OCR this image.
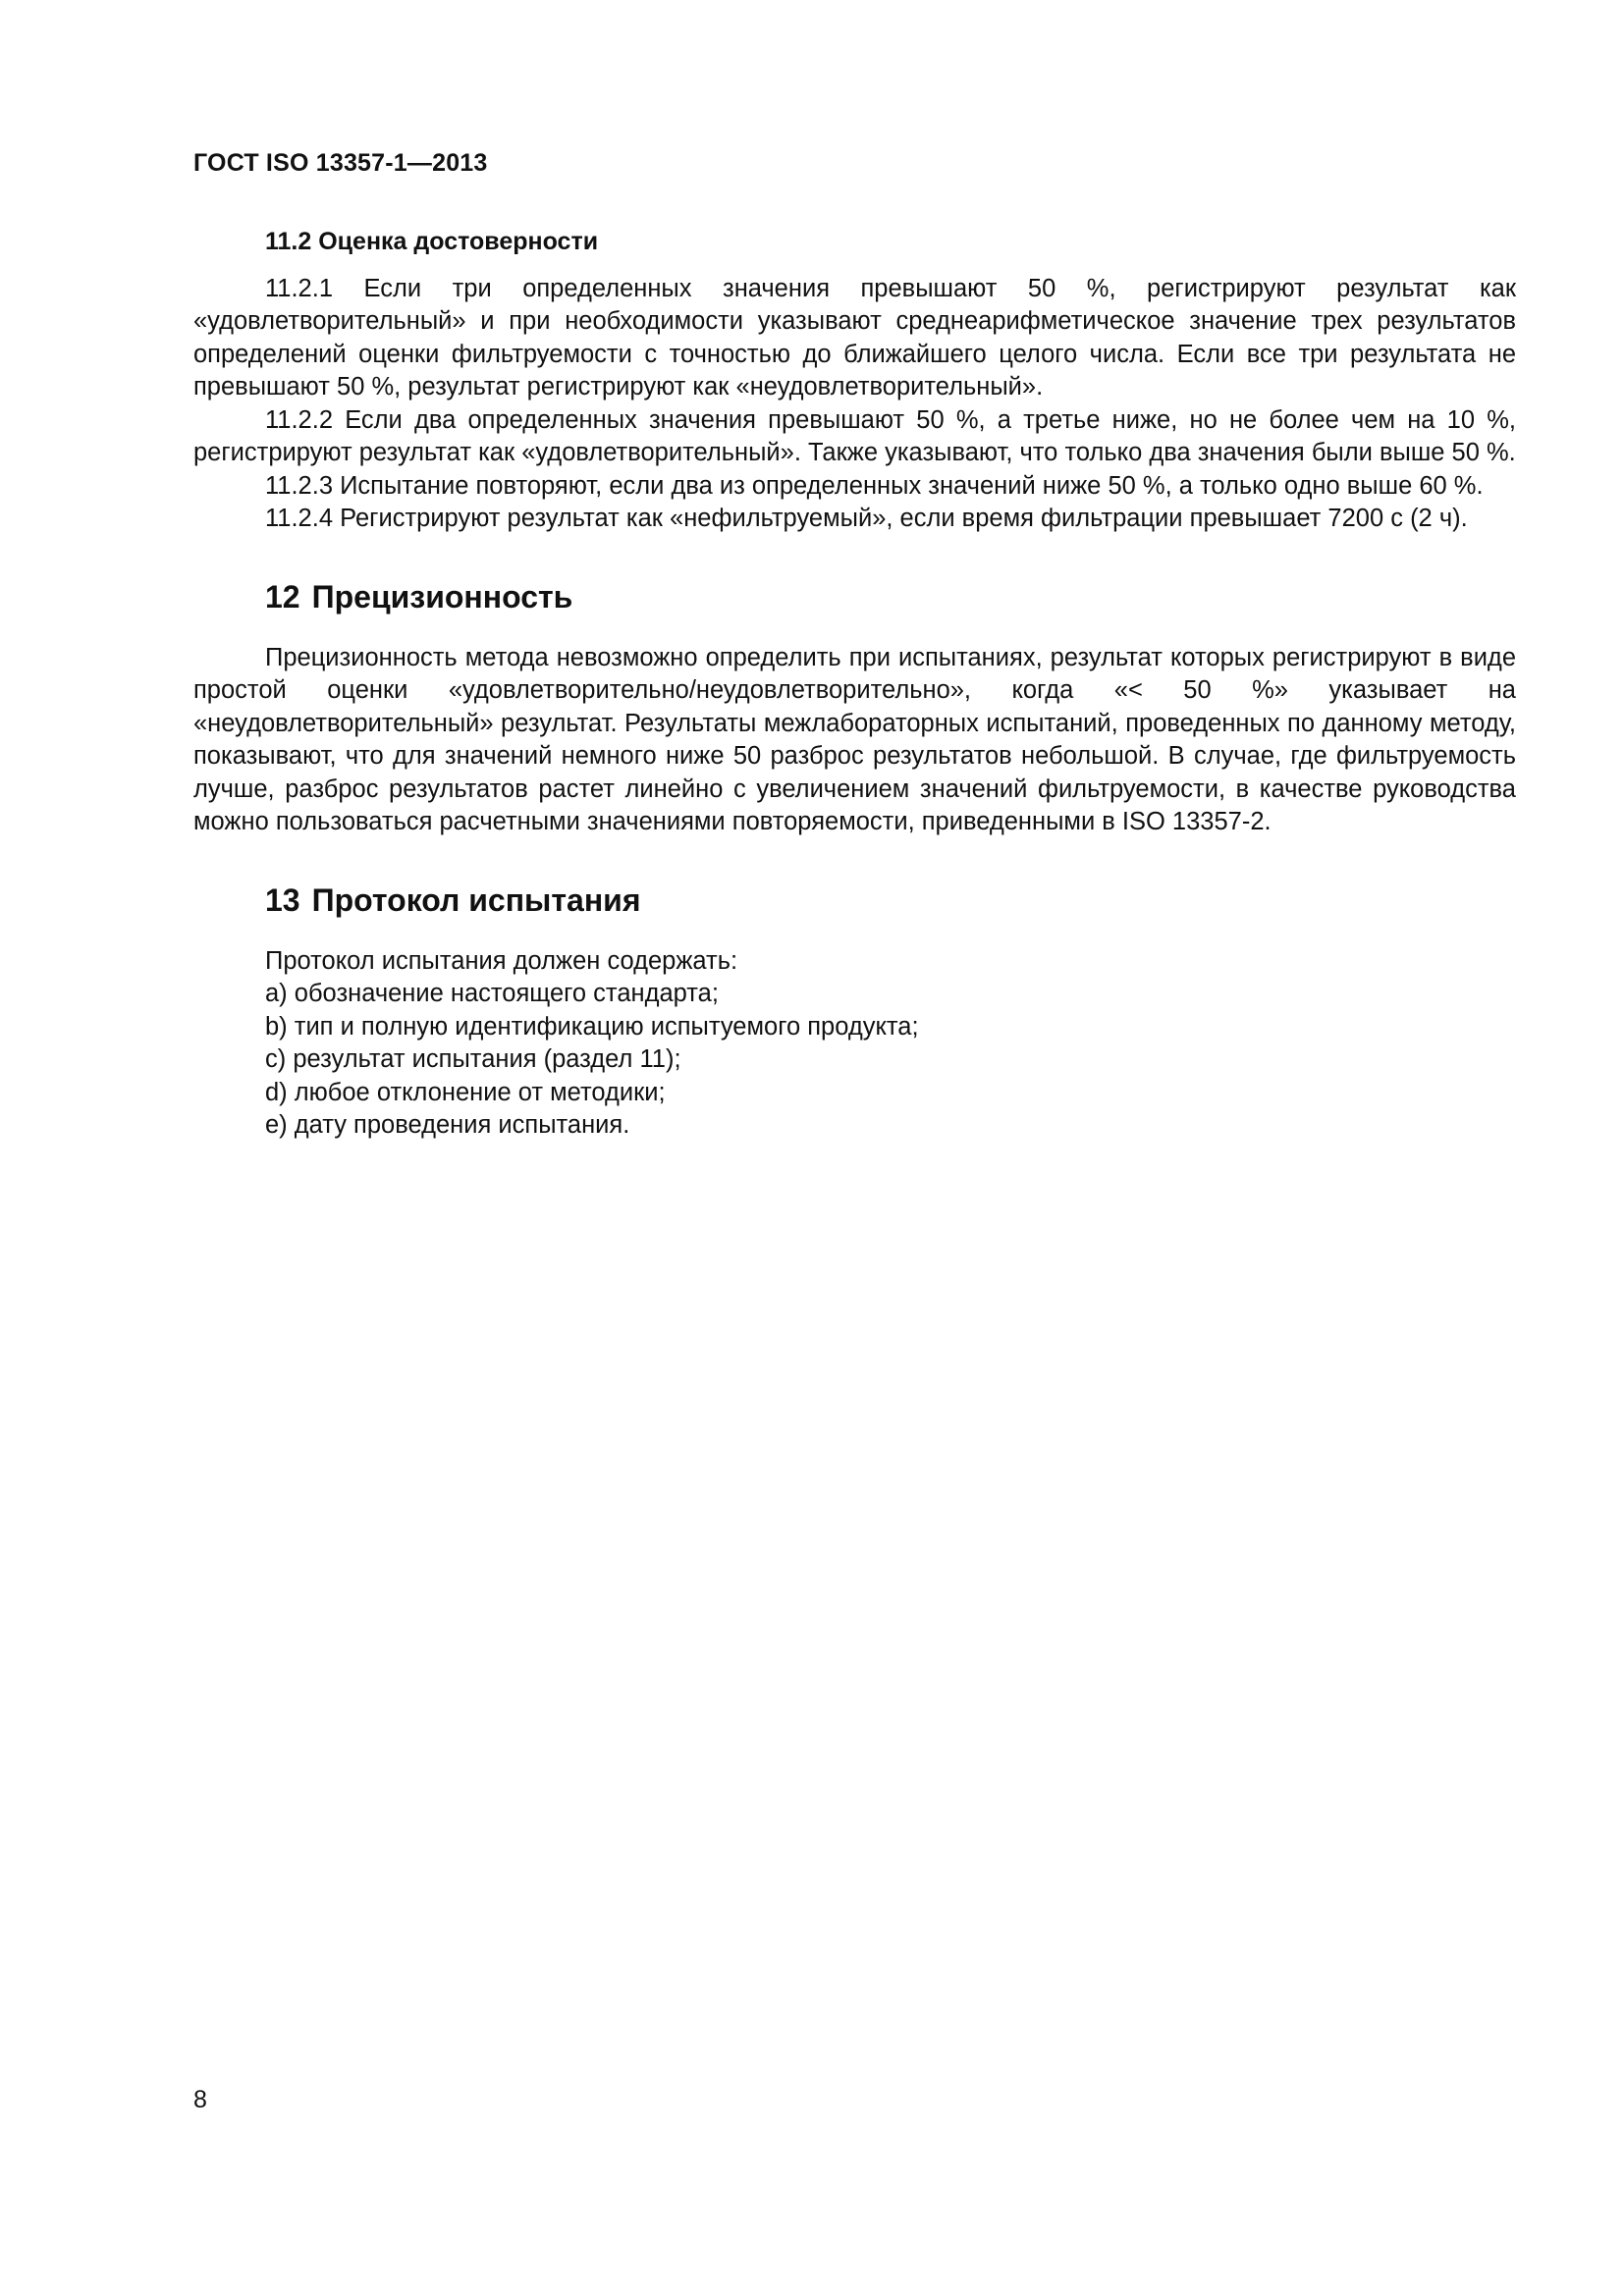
ГОСТ ISO 13357-1—2013
11.2 Оценка достоверности

11.2.1 Если три определенных значения превышают 50 %, регистрируют результат как «удовлетворительный» и при необходимости указывают среднеарифметическое значение трех результатов определений оценки фильтруемости с точностью до ближайшего целого числа. Если все три результата не превышают 50 %, результат регистрируют как «неудовлетворительный».

11.2.2 Если два определенных значения превышают 50 %, а третье ниже, но не более чем на 10 %, регистрируют результат как «удовлетворительный». Также указывают, что только два значения были выше 50 %.

11.2.3 Испытание повторяют, если два из определенных значений ниже 50 %, а только одно выше 60 %.

11.2.4 Регистрируют результат как «нефильтруемый», если время фильтрации превышает 7200 с (2 ч).

12 Прецизионность

Прецизионность метода невозможно определить при испытаниях, результат которых регистрируют в виде простой оценки «удовлетворительно/неудовлетворительно», когда «< 50 %» указывает на «неудовлетворительный» результат. Результаты межлабораторных испытаний, проведенных по данному методу, показывают, что для значений немного ниже 50 разброс результатов небольшой. В случае, где фильтруемость лучше, разброс результатов растет линейно с увеличением значений фильтруемости, в качестве руководства можно пользоваться расчетными значениями повторяемости, приведенными в ISO 13357-2.

13 Протокол испытания

Протокол испытания должен содержать:

а) обозначение настоящего стандарта;
b) тип и полную идентификацию испытуемого продукта;
с) результат испытания (раздел 11);
d) любое отклонение от методики;
е) дату проведения испытания.
8
